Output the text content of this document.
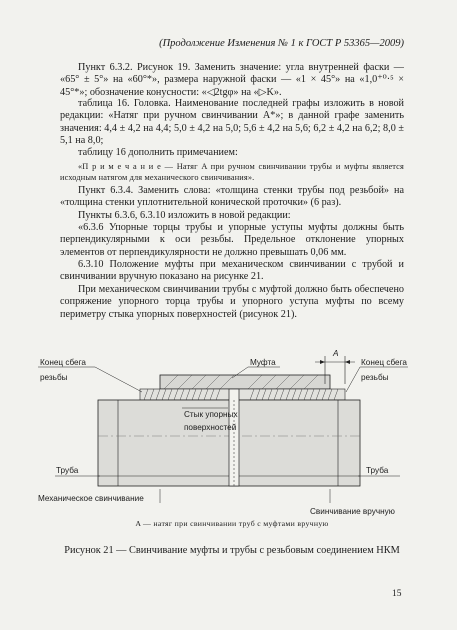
(Продолжение Изменения № 1 к ГОСТ Р 53365—2009)
Пункт 6.3.2. Рисунок 19. Заменить значение: угла внутренней фаски — «65° ± 5°» на «60°*», размера наружной фаски — «1 × 45°» на «1,0⁺⁰·⁵ × 45°*»; обозначение конусности: «◁2tgφ» на «▷K».
таблица 16. Головка. Наименование последней графы изложить в новой редакции: «Натяг при ручном свинчивании A*»; в данной графе заменить значения: 4,4 ± 4,2 на 4,4; 5,0 ± 4,2 на 5,0; 5,6 ± 4,2 на 5,6; 6,2 ± 4,2 на 6,2; 8,0 ± 5,1 на 8,0;
таблицу 16 дополнить примечанием:
«П р и м е ч а н и е — Натяг A при ручном свинчивании трубы и муфты является исходным натягом для механического свинчивания».
Пункт 6.3.4. Заменить слова: «толщина стенки трубы под резьбой» на «толщина стенки уплотнительной конической проточки» (6 раз).
Пункты 6.3.6, 6.3.10 изложить в новой редакции:
«6.3.6 Упорные торцы трубы и упорные уступы муфты должны быть перпендикулярными к оси резьбы. Предельное отклонение упорных элементов от перпендикулярности не должно превышать 0,06 мм.
6.3.10 Положение муфты при механическом свинчивании с трубой и свинчивании вручную показано на рисунке 21.
При механическом свинчивании трубы с муфтой должно быть обеспечено сопряжение упорного торца трубы и упорного уступа муфты по всему периметру стыка упорных поверхностей (рисунок 21).
A
Конец сбега
резьбы
Муфта	Конец сбега
резьбы
Стык упорных
поверхностей
Труба	Труба
Механическое свинчивание
Свинчивание вручную
A — натяг при свинчивании труб с муфтами вручную
Рисунок 21 — Свинчивание муфты и трубы с резьбовым соединением НКМ
15
